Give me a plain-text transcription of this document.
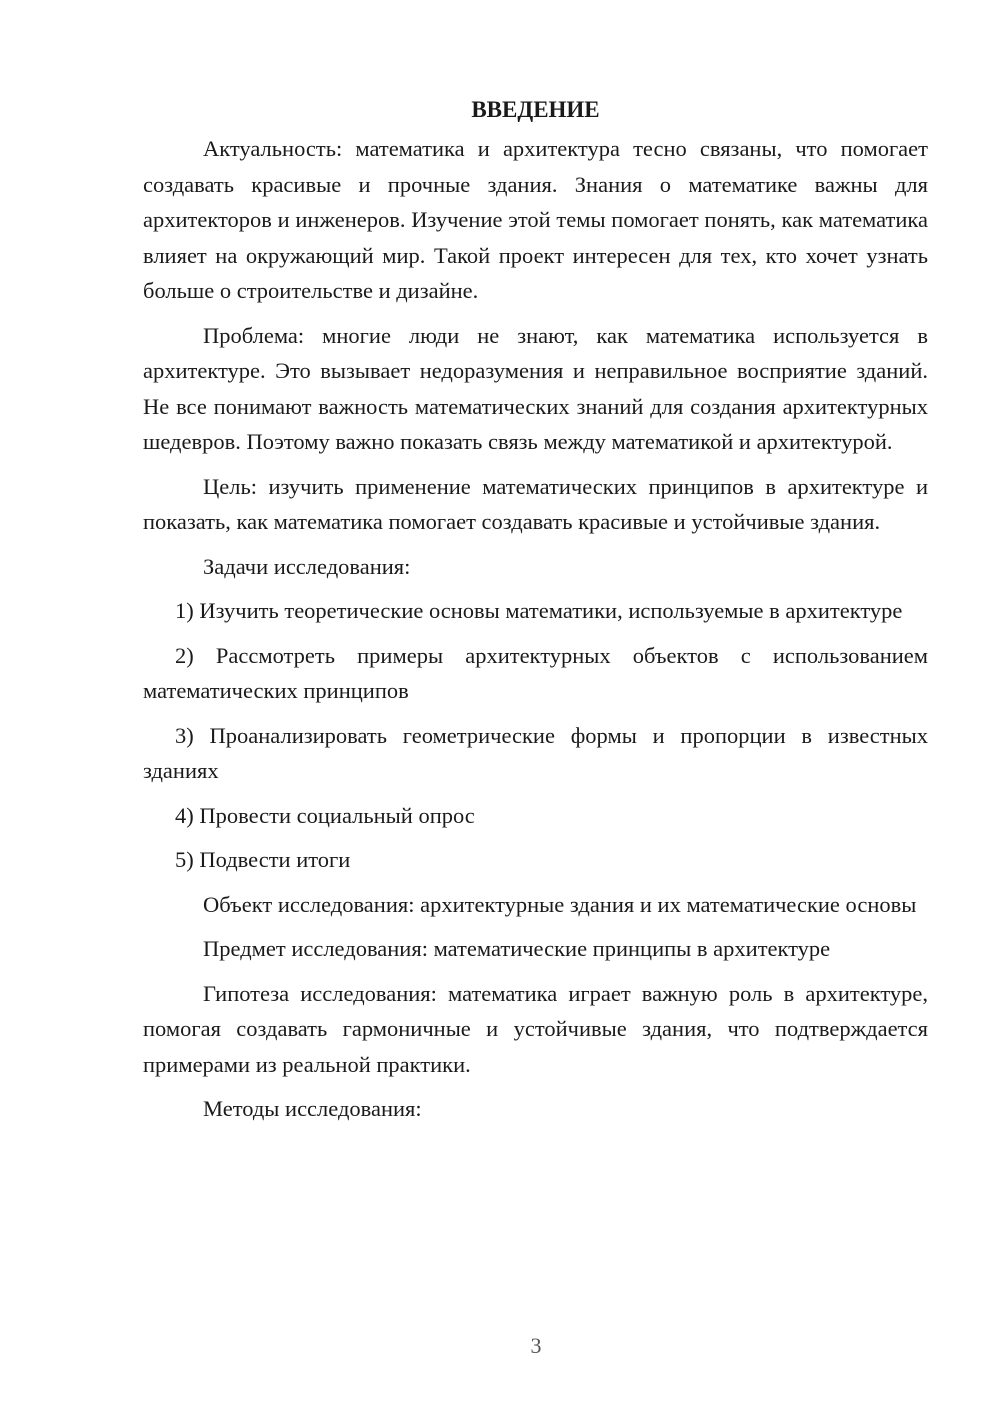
ВВЕДЕНИЕ

Актуальность: математика и архитектура тесно связаны, что помогает создавать красивые и прочные здания. Знания о математике важны для архитекторов и инженеров. Изучение этой темы помогает понять, как математика влияет на окружающий мир. Такой проект интересен для тех, кто хочет узнать больше о строительстве и дизайне.

Проблема: многие люди не знают, как математика используется в архитектуре. Это вызывает недоразумения и неправильное восприятие зданий. Не все понимают важность математических знаний для создания архитектурных шедевров. Поэтому важно показать связь между математикой и архитектурой.

Цель: изучить применение математических принципов в архитектуре и показать, как математика помогает создавать красивые и устойчивые здания.

Задачи исследования:

1) Изучить теоретические основы математики, используемые в архитектуре

2) Рассмотреть примеры архитектурных объектов с использованием математических принципов

3) Проанализировать геометрические формы и пропорции в известных зданиях

4) Провести социальный опрос

5) Подвести итоги

Объект исследования: архитектурные здания и их математические основы

Предмет исследования: математические принципы в архитектуре

Гипотеза исследования: математика играет важную роль в архитектуре, помогая создавать гармоничные и устойчивые здания, что подтверждается примерами из реальной практики.

Методы исследования:

3
